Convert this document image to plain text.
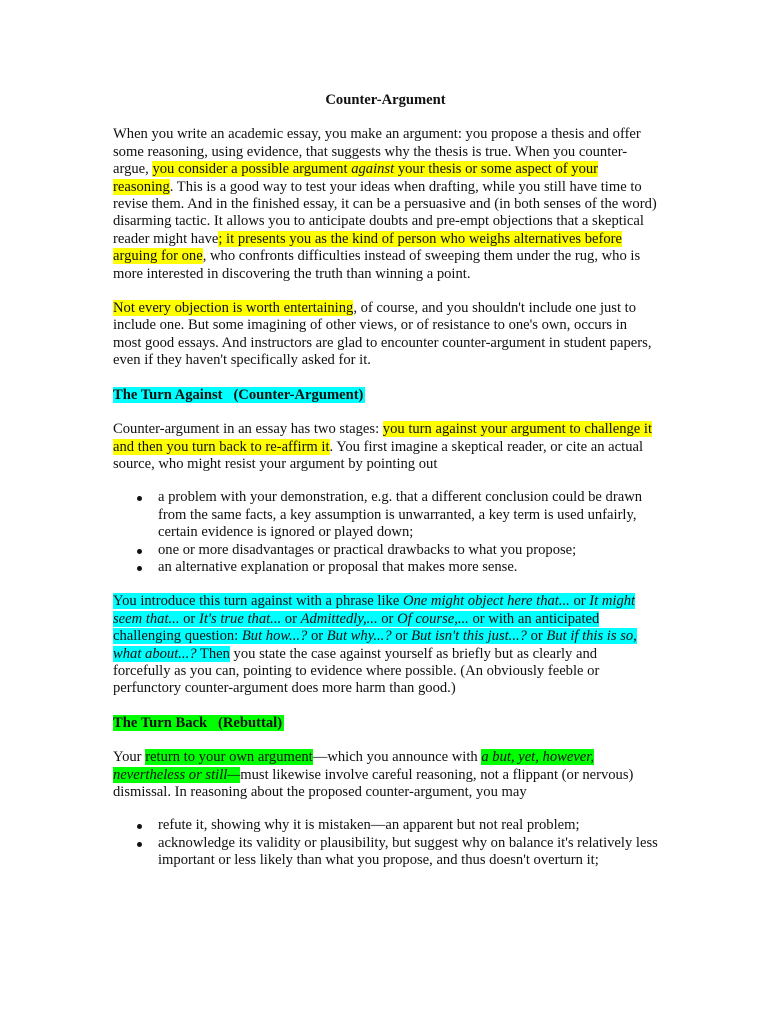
Counter-Argument

When you write an academic essay, you make an argument: you propose a thesis and offer some reasoning, using evidence, that suggests why the thesis is true. When you counter-argue, you consider a possible argument against your thesis or some aspect of your reasoning. This is a good way to test your ideas when drafting, while you still have time to revise them. And in the finished essay, it can be a persuasive and (in both senses of the word) disarming tactic. It allows you to anticipate doubts and pre-empt objections that a skeptical reader might have; it presents you as the kind of person who weighs alternatives before arguing for one, who confronts difficulties instead of sweeping them under the rug, who is more interested in discovering the truth than winning a point.

Not every objection is worth entertaining, of course, and you shouldn't include one just to include one. But some imagining of other views, or of resistance to one's own, occurs in most good essays. And instructors are glad to encounter counter-argument in student papers, even if they haven't specifically asked for it.

The Turn Against   (Counter-Argument)

Counter-argument in an essay has two stages: you turn against your argument to challenge it and then you turn back to re-affirm it. You first imagine a skeptical reader, or cite an actual source, who might resist your argument by pointing out

a problem with your demonstration, e.g. that a different conclusion could be drawn from the same facts, a key assumption is unwarranted, a key term is used unfairly, certain evidence is ignored or played down;
one or more disadvantages or practical drawbacks to what you propose;
an alternative explanation or proposal that makes more sense.

You introduce this turn against with a phrase like One might object here that... or It might seem that... or It's true that... or Admittedly,... or Of course,... or with an anticipated challenging question: But how...? or But why...? or But isn't this just...? or But if this is so, what about...? Then you state the case against yourself as briefly but as clearly and forcefully as you can, pointing to evidence where possible. (An obviously feeble or perfunctory counter-argument does more harm than good.)

The Turn Back   (Rebuttal)

Your return to your own argument—which you announce with a but, yet, however, nevertheless or still—must likewise involve careful reasoning, not a flippant (or nervous) dismissal. In reasoning about the proposed counter-argument, you may

refute it, showing why it is mistaken—an apparent but not real problem;
acknowledge its validity or plausibility, but suggest why on balance it's relatively less important or less likely than what you propose, and thus doesn't overturn it;
